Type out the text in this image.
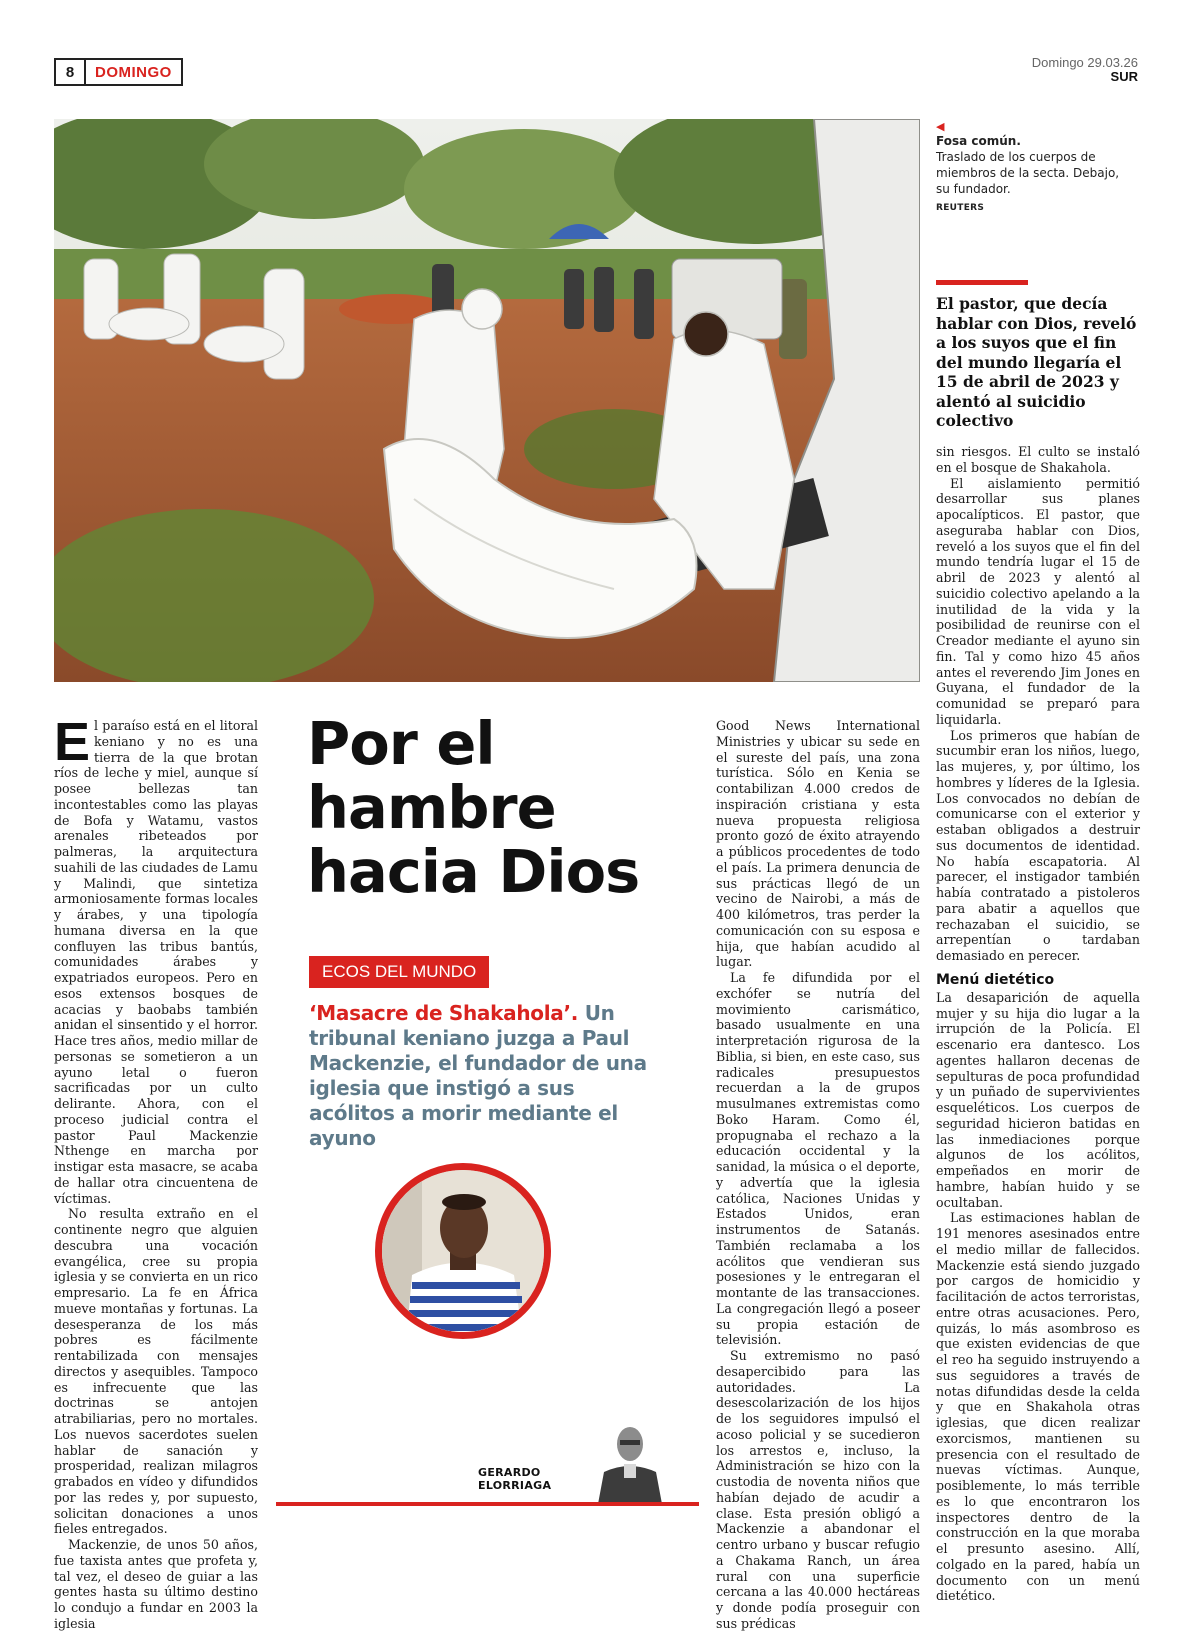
8	DOMINGO
Domingo 29.03.26
SUR
◀
Fosa común.
Traslado de los cuerpos de miembros de la secta. Debajo, su fundador.
REUTERS
El pastor, que decía hablar con Dios, reveló a los suyos que el fin del mundo llegaría el 15 de abril de 2023 y alentó al suicidio colectivo

El paraíso está en el litoral keniano y no es una tierra de la que brotan ríos de leche y miel, aunque sí posee bellezas tan incontestables como las playas de Bofa y Watamu, vastos arenales ribeteados por palmeras, la arquitectura suahili de las ciudades de Lamu y Malindi, que sintetiza armoniosamente formas locales y árabes, y una tipología humana diversa en la que confluyen las tribus bantús, comunidades árabes y expatriados europeos. Pero en esos extensos bosques de acacias y baobabs también anidan el sinsentido y el horror. Hace tres años, medio millar de personas se sometieron a un ayuno letal o fueron sacrificadas por un culto delirante. Ahora, con el proceso judicial contra el pastor Paul Mackenzie Nthenge en marcha por instigar esta masacre, se acaba de hallar otra cincuentena de víctimas.

No resulta extraño en el continente negro que alguien descubra una vocación evangélica, cree su propia iglesia y se convierta en un rico empresario. La fe en África mueve montañas y fortunas. La desesperanza de los más pobres es fácilmente rentabilizada con mensajes directos y asequibles. Tampoco es infrecuente que las doctrinas se antojen atrabiliarias, pero no mortales. Los nuevos sacerdotes suelen hablar de sanación y prosperidad, realizan milagros grabados en vídeo y difundidos por las redes y, por supuesto, solicitan donaciones a unos fieles entregados.

Mackenzie, de unos 50 años, fue taxista antes que profeta y, tal vez, el deseo de guiar a las gentes hasta su último destino lo condujo a fundar en 2003 la iglesia

Por el hambre hacia Dios
ECOS DEL MUNDO
‘Masacre de Shakahola’. Un tribunal keniano juzga a Paul Mackenzie, el fundador de una iglesia que instigó a sus acólitos a morir mediante el ayuno
GERARDO
ELORRIAGA

Good News International Ministries y ubicar su sede en el sureste del país, una zona turística. Sólo en Kenia se contabilizan 4.000 credos de inspiración cristiana y esta nueva propuesta religiosa pronto gozó de éxito atrayendo a públicos procedentes de todo el país. La primera denuncia de sus prácticas llegó de un vecino de Nairobi, a más de 400 kilómetros, tras perder la comunicación con su esposa e hija, que habían acudido al lugar.

La fe difundida por el exchófer se nutría del movimiento carismático, basado usualmente en una interpretación rigurosa de la Biblia, si bien, en este caso, sus radicales presupuestos recuerdan a la de grupos musulmanes extremistas como Boko Haram. Como él, propugnaba el rechazo a la educación occidental y la sanidad, la música o el deporte, y advertía que la iglesia católica, Naciones Unidas y Estados Unidos, eran instrumentos de Satanás. También reclamaba a los acólitos que vendieran sus posesiones y le entregaran el montante de las transacciones. La congregación llegó a poseer su propia estación de televisión.

Su extremismo no pasó desapercibido para las autoridades. La desescolarización de los hijos de los seguidores impulsó el acoso policial y se sucedieron los arrestos e, incluso, la Administración se hizo con la custodia de noventa niños que habían dejado de acudir a clase. Esta presión obligó a Mackenzie a abandonar el centro urbano y buscar refugio a Chakama Ranch, un área rural con una superficie cercana a las 40.000 hectáreas y donde podía proseguir con sus prédicas

sin riesgos. El culto se instaló en el bosque de Shakahola.

El aislamiento permitió desarrollar sus planes apocalípticos. El pastor, que aseguraba hablar con Dios, reveló a los suyos que el fin del mundo tendría lugar el 15 de abril de 2023 y alentó al suicidio colectivo apelando a la inutilidad de la vida y la posibilidad de reunirse con el Creador mediante el ayuno sin fin. Tal y como hizo 45 años antes el reverendo Jim Jones en Guyana, el fundador de la comunidad se preparó para liquidarla.

Los primeros que habían de sucumbir eran los niños, luego, las mujeres, y, por último, los hombres y líderes de la Iglesia. Los convocados no debían de comunicarse con el exterior y estaban obligados a destruir sus documentos de identidad. No había escapatoria. Al parecer, el instigador también había contratado a pistoleros para abatir a aquellos que rechazaban el suicidio, se arrepentían o tardaban demasiado en perecer.

Menú dietético

La desaparición de aquella mujer y su hija dio lugar a la irrupción de la Policía. El escenario era dantesco. Los agentes hallaron decenas de sepulturas de poca profundidad y un puñado de supervivientes esqueléticos. Los cuerpos de seguridad hicieron batidas en las inmediaciones porque algunos de los acólitos, empeñados en morir de hambre, habían huido y se ocultaban.

Las estimaciones hablan de 191 menores asesinados entre el medio millar de fallecidos. Mackenzie está siendo juzgado por cargos de homicidio y facilitación de actos terroristas, entre otras acusaciones. Pero, quizás, lo más asombroso es que existen evidencias de que el reo ha seguido instruyendo a sus seguidores a través de notas difundidas desde la celda y que en Shakahola otras iglesias, que dicen realizar exorcismos, mantienen su presencia con el resultado de nuevas víctimas. Aunque, posiblemente, lo más terrible es lo que encontraron los inspectores dentro de la construcción en la que moraba el presunto asesino. Allí, colgado en la pared, había un documento con un menú dietético.
